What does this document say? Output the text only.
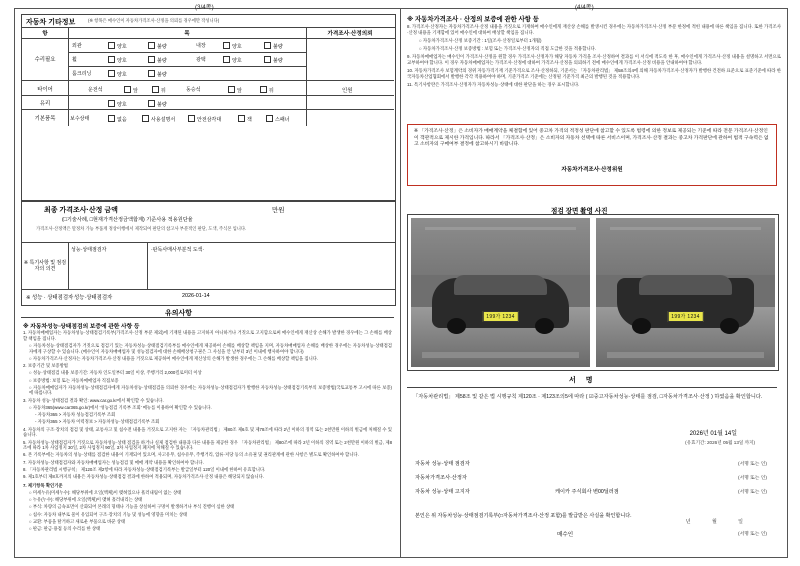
(3/4쪽)	(4/4쪽)
자동차 기타정보	(※ 항목은 매수인이 자동차가격조사·산정을 의뢰를 경우에만 작성니다)
항	목	가격조사·산정의뢰
수리필요
외관	양호	불량	내장	양호	불량
휠	양호	불량	광택	양호	불량
룸크리닝	양호	불량
타이어	운전석	앞	뒤	동승석	앞	뒤	인원
유리	양호	불량
기본품목	보수상태	없음	사용설명서	안전삼각대	잭	스패너
최종 가격조사·산정 금액	만원
(□기술사례, □현재가격산정금액합계) 기준사용 적용원단율
가격조사·산정액은 말정차 가능 부품계 정상이행에서 제작되여 판단의 참고사 부분적인 판단, 도색, 주식본 입니다.
※ 특기사항 및 점검자의 의견
성능·상태점검자	·판독사매사부분적 도색·
※ 성능 · 상태점검자 성능·상태점검자	2026-01-14
유의사항
※ 자동차성능·상태점검의 보증에 관한 사항 등

1. 자동차매매업자는 자동차성능·상태점검기록부(가격조사·산정 부분 제외)에 기재된 내용을 고지하지 아니하거나 거짓으로 고지함으로써 매수인에게 재산상 손해가 발생한 경우에는 그 손해를 배상할 책임을 집니다.

○ 자동차성능·상태점검자가 거짓으로 점검기 있는 자동차성능·상태점검기록부를 매수인에게 제공하여 손해를 배상할 책임을 지며, 자동차매매업자 손해를 배상한 경우에는 자동차성능·상태점검자에게 구상할 수 있습니다. (매수인이 자동차매매업자 및 성능점검자에 대한 손해배상청구권은 그 사실을 안 날부터 3년 이내에 행사하여야 합니다)

○ 자동차가격조사·산정자는 자동차가격조사·산정 내용을 거짓으로 제공하여 매수인에게 재산상의 손해가 발생한 경우에는 그 손해를 배상할 책임을 집니다.

2. 보증기간 및 보증방법

○ 성능·상태점검 내용 보증기간: 자동차 인도일부터 30일 이상, 주행거리 2,000킬로미터 이상

○ 보증방법: 보험 또는 자동차매매업자 직접보증

○ 자동차매매업자가 자동차성능·상태점검자에게 자동차성능·상태점검을 의뢰한 경우에는 자동차성능·상태점검자가 발행한 자동차성능·상태점검기록부의 보증방법(국토교통부 고시에 따른 보증)에 따릅니다.

3. 자동차 성능·상태점검 결과 확인: www.car.go.kr에서 확인할 수 있습니다.

○ 자동차365(www.car365.go.kr)에서 '성능점검 기록부 조회' 메뉴를 이용하여 확인할 수 있습니다.

- 자동차365 > 자동차 성능점검기록부 조회

- 자동차365 > 자동차 이력정보 > 자동차성능·상태점검기록부 조회

4. 자동차의 구조·장치의 점검 및 상태, 교통사고 및 침수전 내용을 거짓으로 고지한 자는 「자동차관리법」 제80조 제6호 및 제78조에 따라 2년 이하의 징역 또는 2천만원 이하의 벌금에 처해질 수 있습니다.

5. 자동차성능·상태점검자가 거짓으로 자동차성능·상태 점검을 하거나 실제 점검한 내용과 다른 내용을 제공한 경우 「자동차관리법」 제80조에 따라 2년 이하의 징역 또는 2천만원 이하의 벌금, 제8조에 따라 1차 사업정지 30일, 2차 사업정지 90일, 3차 사업정지 폐지에 처해질 수 있습니다.

6. 본 기록부에는 자동차의 성능·상태를 점검한 내용이 기재되어 있으며, 사고유무, 침수유무, 주행거리, 압류·저당 등의 소유권 및 권리관계에 관한 사항은 별도로 확인하여야 합니다.

7. 자동차성능·상태점검자와 자동차매매업자는 성능점검 및 매매 계약 내용을 확인하여야 합니다.

8. 「자동차관리법 시행규칙」 제120조 제2항에 따라 자동차성능·상태점검기록부는 발급일부터 120일 이내에 한하여 유효합니다.

9. 제1호부터 제8호까지의 내용은 자동차성능·상태점검 결과에 한하여 적용되며, 자동차가격조사·산정 내용은 해당되지 않습니다.

7. 제기항목 확인기준

○ 미세누유(미세누수): 해당부위에 오일(액체)이 맺혀있으나 흘러내림이 없는 상태

○ 누유(누수): 해당부위에 오일(액체)이 맺혀 흘러내리는 상태

○ 부식: 차량의 금속표면이 산화되어 본래의 형태나 기능을 상실하여 구멍이 발생하거나 부식 진행이 심한 상태

○ 침수: 자동차 내부로 물이 유입되어 구조·장치의 기능 및 성능에 영향을 미치는 상태

○ 교환: 부품을 탈거하고 새로운 부품으로 바꾼 상태

○ 판금: 판금·용접 등의 수리를 한 상태

※ 자동차가격조사 · 산정의 보증에 관한 사항 등

8. 가격조사·산정자는 자동차가격조사·산정 내용을 거짓으로 기재하여 매수인에게 재산상 손해를 발생시킨 경우에는 자동차가격조사·산정 부분 한정에 적힌 내용에 따른 책임을 집니다. 또한 가격조사·산정 내용을 기재함에 있어 매수인에 대하여 배상할 책임을 집니다.

○ 자동차가격조사·산정 보증기간 : 1일(조사·산정일로부터 1개월)

○ 자동차가격조사·산정 보증방법 : 보험 또는 가격조사·산정자의 직접 도급한 것을 적용합니다.

9. 자동차매매업자는 매수인이 가격조사·산정을 원할 경우 가격조사·산정자가 해당 자동차 가격을 조사·산정하여 결과를 이 서식에 적도록 한 후, 매수인에게 가격조사·산정 내용을 설명하고 서면으로 교부하여야 합니다. 이 경우 자동차매매업자는 가격조사·산정에 대하여 가격조사·산정을 의뢰하기 전에 매수인에게 가격조사·산정 비용을 안내하여야 합니다.

10. 자동차가격조사 보험계약의 경위 자동가격기재 기준가격으로 조사·산정하되, 기준서는 「자동차관리법」 제58조의4에 의해 자동차가격조사·산정자가 발행한 건전하 표준으로 표준기준에 따라 한국자동차산업협회에서 발행한 각각 적용하여야 하며, 기준가격조 기준에는 산정될 기준가격 최근의 발행된 것을 적용합니다.

11. 특기사항란은 가격조사·산정자가 자동차성능·상태에 대한 판단을 하는 경우 표시합니다.

※ 「가격조사·산정」은 소비자가 매매계약을 체결함에 있어 중고차 가격의 적정성 판단에 참고할 수 있도록 법령에 의한 정보로 제공되는 기준에 따라 전문 가격조사·산정인이 객관적으로 제시한 가격입니다. 따라서 「가격조사·산정」은 소비자의 자동차 선택에 따른 서비스이며, 가격조사·산정 결과는 중고차 가격판단에 관하여 법적 구속력은 없고 소비자의 구매여부 결정에 참고하시기 바랍니다.
자동차가격조사·산정위원
점검 장면 촬영 사진
199가 1234	199가 1234
서 명
「자동차관리법」 제58조 및 같은 법 시행규칙 제120조 · 제123조의5에 따라 ( ☑중고자동차성능·상태를 점검, □자동차가격조사·산정 ) 하였음을 확인합니다.
2026년 01월 14일
(유효기간: 2026년 05월 13일 까지)
자동차 성능·상태 점검자	(서명 또는 인)
자동차가격조사·산정자	(서명 또는 인)
자동차 성능·상태 고지자	케이카 주식회사 변00딜러점	(서명 또는 인)
본인은 위 자동차성능·상태점검기록부(□자동차가격조사·산정 포함)를 발급받은 사실을 확인합니다.
년 월 일
매수인	(서명 또는 인)
